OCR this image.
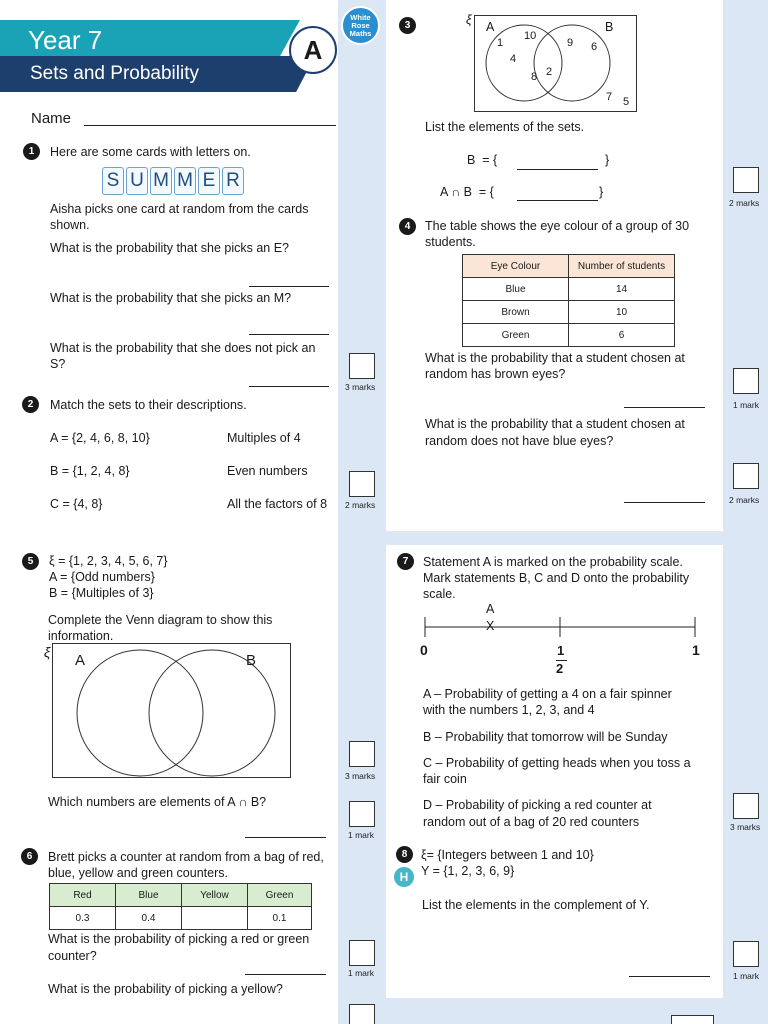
Year 7
Sets and Probability
A
White
Rose
Maths
Name
1	Here are some cards with letters on.
S U M M E R
Aisha picks one card at random from the cards
shown.
What is the probability that she picks an E?
What is the probability that she picks an M?
What is the probability that she does not pick an
S?
3 marks
2	Match the sets to their descriptions.
A = {2, 4, 6, 8, 10}
B = {1, 2, 4, 8}
C = {4, 8}
Multiples of 4
Even numbers
All the factors of 8 2 marks
3	ξ A	B
1
10
4
8 2
9 6
7 5
List the elements of the sets.
B  = {	}
A ∩ B  = {	}
2 marks
4	The table shows the eye colour of a group of 30
students.
Eye Colour	Number of students
Blue	14
Brown	10
Green	6
What is the probability that a student chosen at
random has brown eyes?
1 mark
What is the probability that a student chosen at
random does not have blue eyes?
2 marks
5	ξ = {1, 2, 3, 4, 5, 6, 7}
A = {Odd numbers}
B = {Multiples of 3}
Complete the Venn diagram to show this
information.
ξ A	B
3 marks
Which numbers are elements of A ∩ B?
1 mark
6	Brett picks a counter at random from a bag of red,
blue, yellow and green counters.
Red	Blue	Yellow	Green
0.3	0.4		0.1
What is the probability of picking a red or green
counter?
1 mark
What is the probability of picking a yellow?
7	Statement A is marked on the probability scale.
Mark statements B, C and D onto the probability
scale.
A
X
0	1
2
1
A – Probability of getting a 4 on a fair spinner
with the numbers 1, 2, 3, and 4
B – Probability that tomorrow will be Sunday
C – Probability of getting heads when you toss a
fair coin
D – Probability of picking a red counter at
random out of a bag of 20 red counters	3 marks
8
H
ξ= {Integers between 1 and 10}
Y = {1, 2, 3, 6, 9}
List the elements in the complement of Y.
1 mark
